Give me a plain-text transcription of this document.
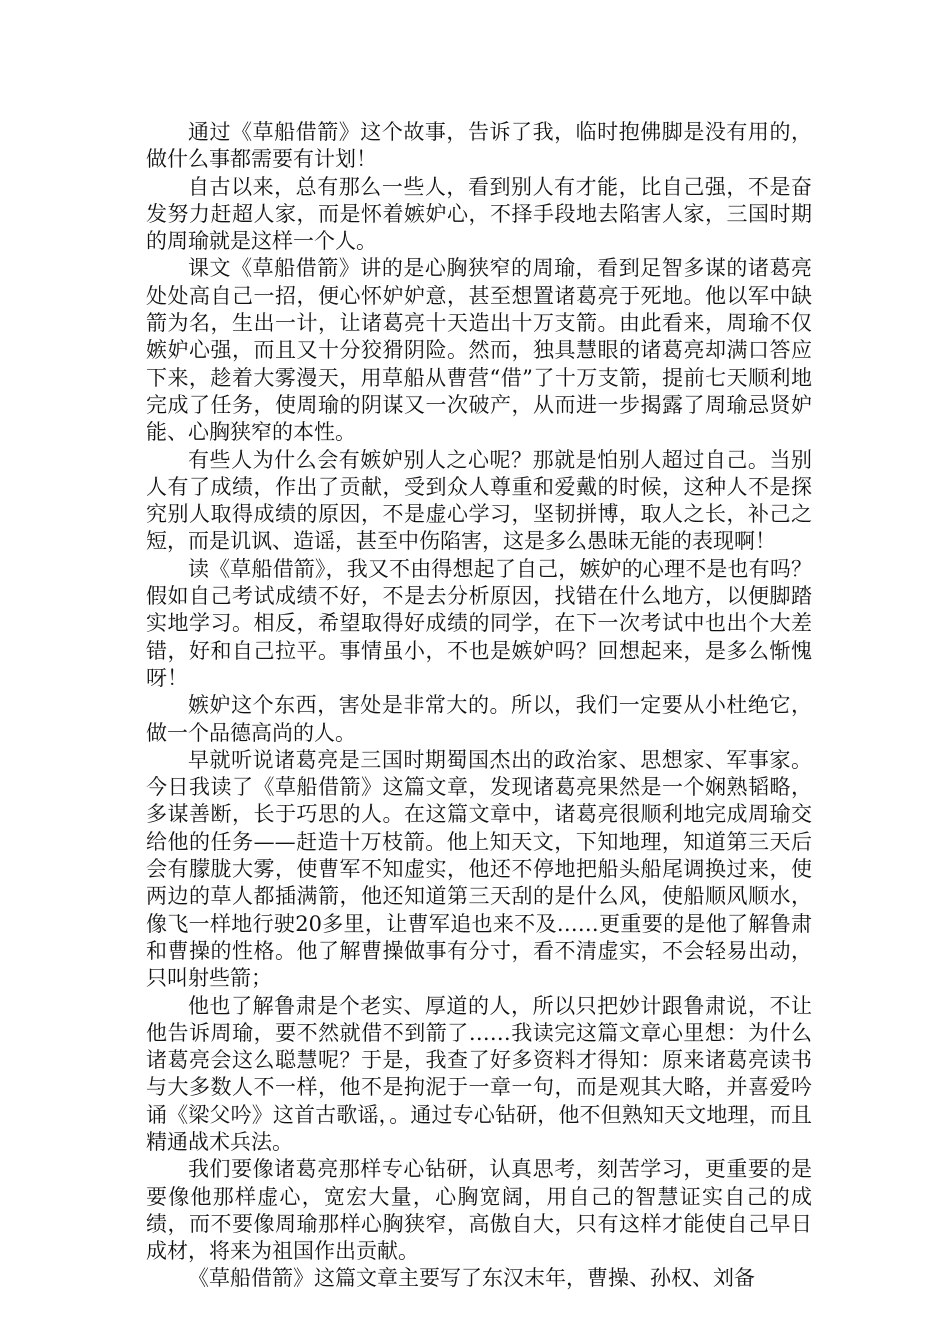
通过《草船借箭》这个故事，告诉了我，临时抱佛脚是没有用的，做什么事都需要有计划！

自古以来，总有那么一些人，看到别人有才能，比自己强，不是奋发努力赶超人家，而是怀着嫉妒心，不择手段地去陷害人家，三国时期的周瑜就是这样一个人。

课文《草船借箭》讲的是心胸狭窄的周瑜，看到足智多谋的诸葛亮处处高自己一招，便心怀妒妒意，甚至想置诸葛亮于死地。他以军中缺箭为名，生出一计，让诸葛亮十天造出十万支箭。由此看来，周瑜不仅嫉妒心强，而且又十分狡猾阴险。然而，独具慧眼的诸葛亮却满口答应下来，趁着大雾漫天，用草船从曹营“借”了十万支箭，提前七天顺利地完成了任务，使周瑜的阴谋又一次破产，从而进一步揭露了周瑜忌贤妒能、心胸狭窄的本性。

有些人为什么会有嫉妒别人之心呢？那就是怕别人超过自己。当别人有了成绩，作出了贡献，受到众人尊重和爱戴的时候，这种人不是探究别人取得成绩的原因，不是虚心学习，坚韧拼博，取人之长，补己之短，而是讥讽、造谣，甚至中伤陷害，这是多么愚昧无能的表现啊！

读《草船借箭》，我又不由得想起了自己，嫉妒的心理不是也有吗？假如自己考试成绩不好，不是去分析原因，找错在什么地方，以便脚踏实地学习。相反，希望取得好成绩的同学，在下一次考试中也出个大差错，好和自己拉平。事情虽小，不也是嫉妒吗？回想起来，是多么惭愧呀！

嫉妒这个东西，害处是非常大的。所以，我们一定要从小杜绝它，做一个品德高尚的人。

早就听说诸葛亮是三国时期蜀国杰出的政治家、思想家、军事家。今日我读了《草船借箭》这篇文章，发现诸葛亮果然是一个娴熟韬略，多谋善断，长于巧思的人。在这篇文章中，诸葛亮很顺利地完成周瑜交给他的任务——赶造十万枝箭。他上知天文，下知地理，知道第三天后会有朦胧大雾，使曹军不知虚实，他还不停地把船头船尾调换过来，使两边的草人都插满箭，他还知道第三天刮的是什么风，使船顺风顺水，像飞一样地行驶20多里，让曹军追也来不及……更重要的是他了解鲁肃和曹操的性格。他了解曹操做事有分寸，看不清虚实，不会轻易出动，只叫射些箭；

他也了解鲁肃是个老实、厚道的人，所以只把妙计跟鲁肃说，不让他告诉周瑜，要不然就借不到箭了……我读完这篇文章心里想：为什么诸葛亮会这么聪慧呢？于是，我查了好多资料才得知：原来诸葛亮读书与大多数人不一样，他不是拘泥于一章一句，而是观其大略，并喜爱吟诵《梁父吟》这首古歌谣，。通过专心钻研，他不但熟知天文地理，而且精通战术兵法。

我们要像诸葛亮那样专心钻研，认真思考，刻苦学习，更重要的是要像他那样虚心，宽宏大量，心胸宽阔，用自己的智慧证实自己的成绩，而不要像周瑜那样心胸狭窄，高傲自大，只有这样才能使自己早日成材，将来为祖国作出贡献。

《草船借箭》这篇文章主要写了东汉末年，曹操、孙权、刘备
